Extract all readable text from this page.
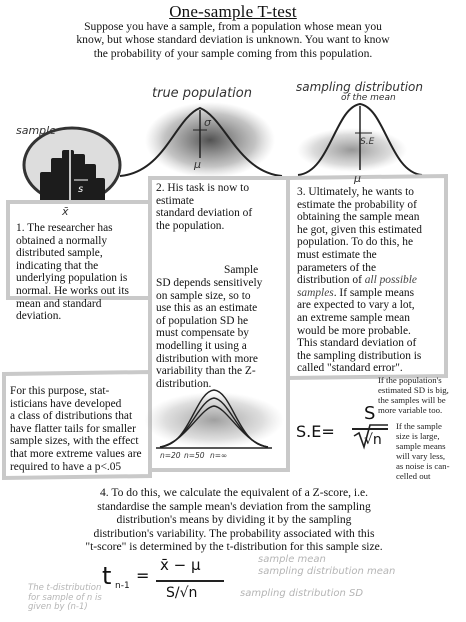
One-sample T-test
Suppose you have a sample, from a population whose mean you
know, but whose standard deviation is unknown. You want to know
the probability of your sample coming from this population.
true population	sampling distribution
of the mean
sample
σ
μ
s
x̄
S.E
μ
n=20 n=50 n=∞
1. The researcher has
obtained a normally
distributed sample,
indicating that the
underlying population is
normal. He works out its
mean and standard
deviation.
2. His task is now to
estimate
standard deviation of
the population.
Sample
SD depends sensitively
on sample size, so to
use this as an estimate
of population SD he
must compensate by
modelling it using a
distribution with more
variability than the Z-
distribution.
3. Ultimately, he wants to
estimate the probability of
obtaining the sample mean
he got, given this estimated
population. To do this, he
must estimate the
parameters of the
distribution of all possible
samples. If sample means
are expected to vary a lot,
an extreme sample mean
would be more probable.
This standard deviation of
the sampling distribution is
called "standard error".
For this purpose, stat-
isticians have developed
a class of distributions that
have flatter tails for smaller
sample sizes, with the effect
that more extreme values are
required to have a p<.05
S.E=
S
√n
If the population's
estimated SD is big,
the samples will be
more variable too.
If the sample
size is large,
sample means
will vary less,
as noise is can-
celled out
4. To do this, we calculate the equivalent of a Z-score, i.e.
standardise the sample mean's deviation from the sampling
distribution's means by dividing it by the sampling
distribution's variability. The probability associated with this
"t-score" is determined by the t-distribution for this sample size.
t n-1
=
x̄ − μ
S/√n
sample mean
sampling distribution mean
sampling distribution SD
The t-distribution
for sample of n is
given by (n-1)
